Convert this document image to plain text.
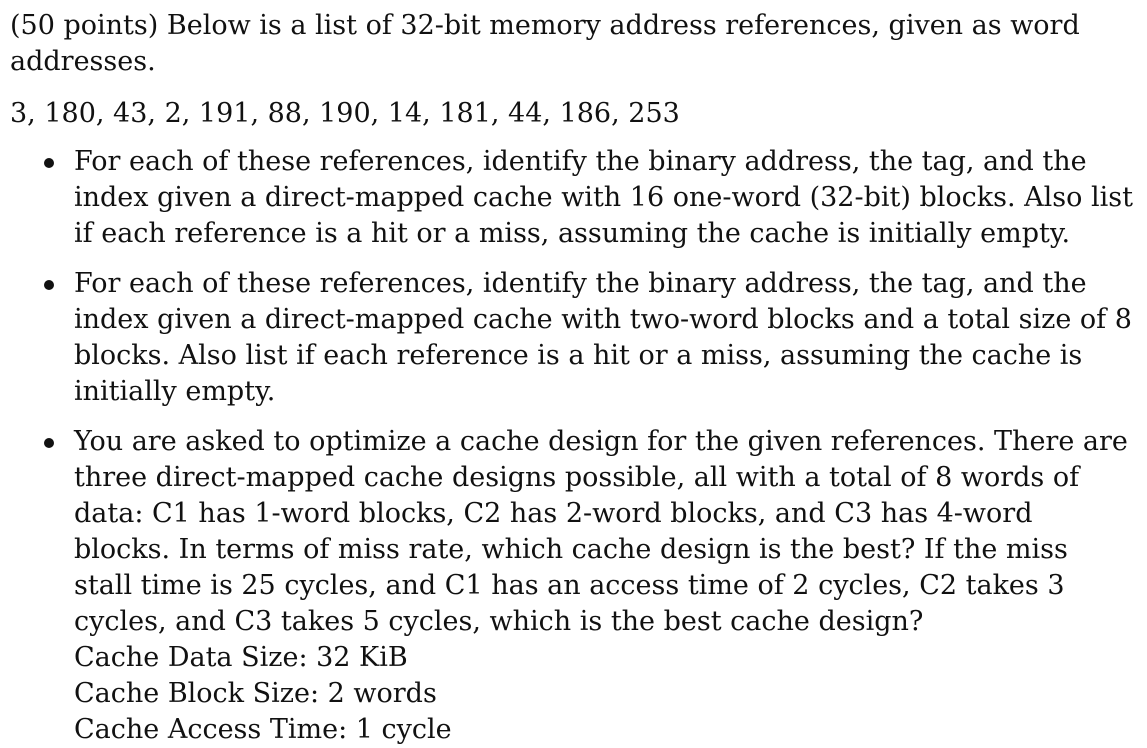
(50 points) Below is a list of 32-bit memory address references, given as word addresses.

3, 180, 43, 2, 191, 88, 190, 14, 181, 44, 186, 253

For each of these references, identify the binary address, the tag, and the index given a direct-mapped cache with 16 one-word (32-bit) blocks. Also list if each reference is a hit or a miss, assuming the cache is initially empty.
For each of these references, identify the binary address, the tag, and the index given a direct-mapped cache with two-word blocks and a total size of 8 blocks. Also list if each reference is a hit or a miss, assuming the cache is initially empty.
You are asked to optimize a cache design for the given references. There are three direct-mapped cache designs possible, all with a total of 8 words of data: C1 has 1-word blocks, C2 has 2-word blocks, and C3 has 4-word blocks. In terms of miss rate, which cache design is the best? If the miss stall time is 25 cycles, and C1 has an access time of 2 cycles, C2 takes 3 cycles, and C3 takes 5 cycles, which is the best cache design?
Cache Data Size: 32 KiB
Cache Block Size: 2 words
Cache Access Time: 1 cycle
